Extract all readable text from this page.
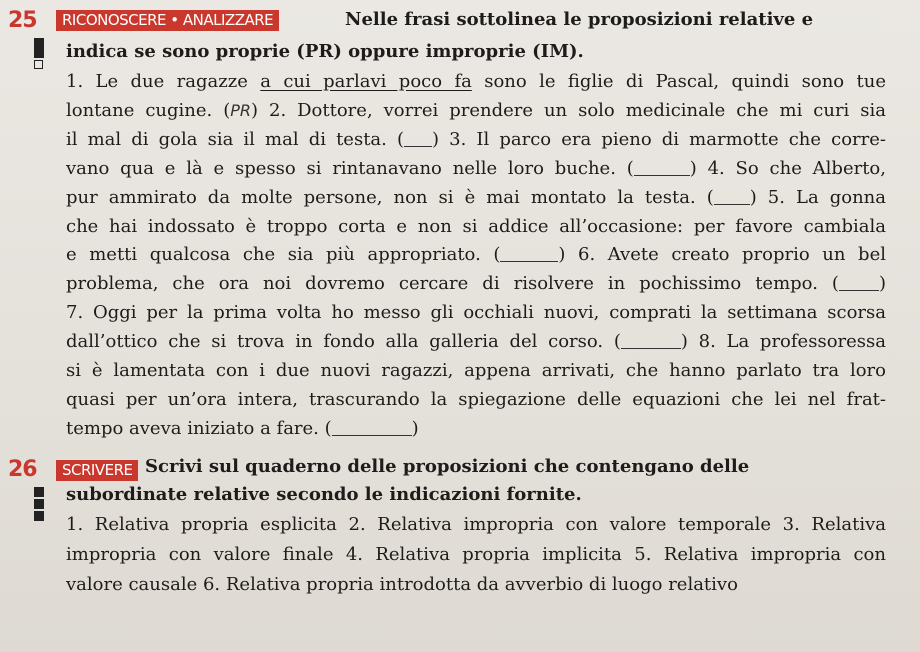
25	RICONOSCERE • ANALIZZARE	Nelle frasi sottolinea le proposizioni relative e
indica se sono proprie (PR) oppure improprie (IM).
1. Le due ragazze a cui parlavi poco fa sono le figlie di Pascal, quindi sono tue
lontane cugine. (PR) 2. Dottore, vorrei prendere un solo medicinale che mi curi sia
il mal di gola sia il mal di testa. ( ) 3. Il parco era pieno di marmotte che corre-
vano qua e là e spesso si rintanavano nelle loro buche. (	) 4. So che Alberto,
pur ammirato da molte persone, non si è mai montato la testa. ( ) 5. La gonna
che hai indossato è troppo corta e non si addice all’occasione: per favore cambiala
e metti qualcosa che sia più appropriato. (	) 6. Avete creato proprio un bel
problema, che ora noi dovremo cercare di risolvere in pochissimo tempo. ( )
7. Oggi per la prima volta ho messo gli occhiali nuovi, comprati la settimana scorsa
dall’ottico che si trova in fondo alla galleria del corso. (	) 8. La professoressa
si è lamentata con i due nuovi ragazzi, appena arrivati, che hanno parlato tra loro
quasi per un’ora intera, trascurando la spiegazione delle equazioni che lei nel frat-
tempo aveva iniziato a fare. (	)
26	SCRIVERE Scrivi sul quaderno delle proposizioni che contengano delle
subordinate relative secondo le indicazioni fornite.
1. Relativa propria esplicita 2. Relativa impropria con valore temporale 3. Relativa
impropria con valore finale 4. Relativa propria implicita 5. Relativa impropria con
valore causale 6. Relativa propria introdotta da avverbio di luogo relativo
